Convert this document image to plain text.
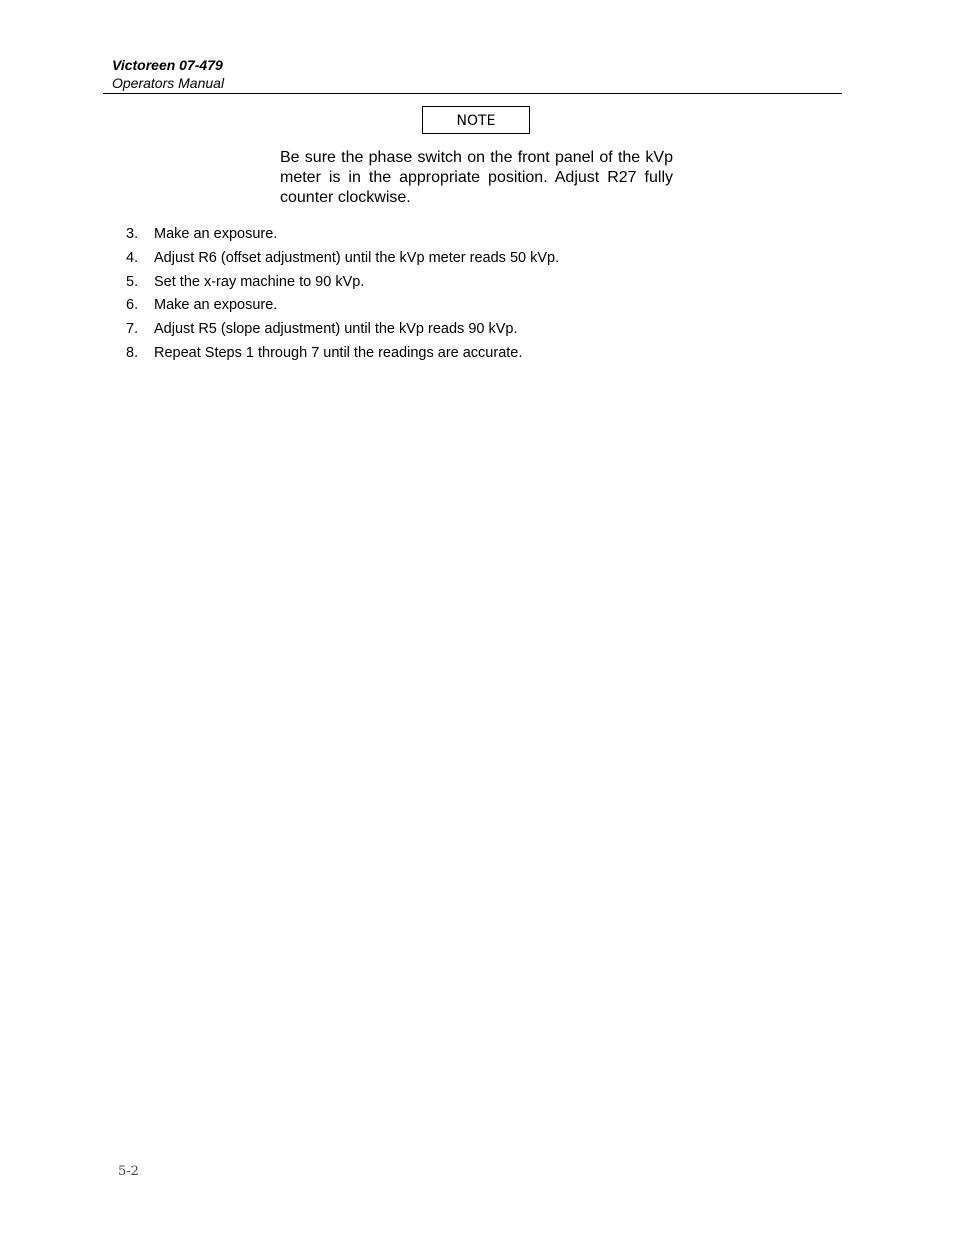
Victoreen 07-479
Operators Manual
NOTE
Be sure the phase switch on the front panel of the kVp meter is in the appropriate position. Adjust R27 fully counter clockwise.
3.	Make an exposure.
4.	Adjust R6 (offset adjustment) until the kVp meter reads 50 kVp.
5.	Set the x-ray machine to 90 kVp.
6.	Make an exposure.
7.	Adjust R5 (slope adjustment) until the kVp reads 90 kVp.
8.	Repeat Steps 1 through 7 until the readings are accurate.
5-2
